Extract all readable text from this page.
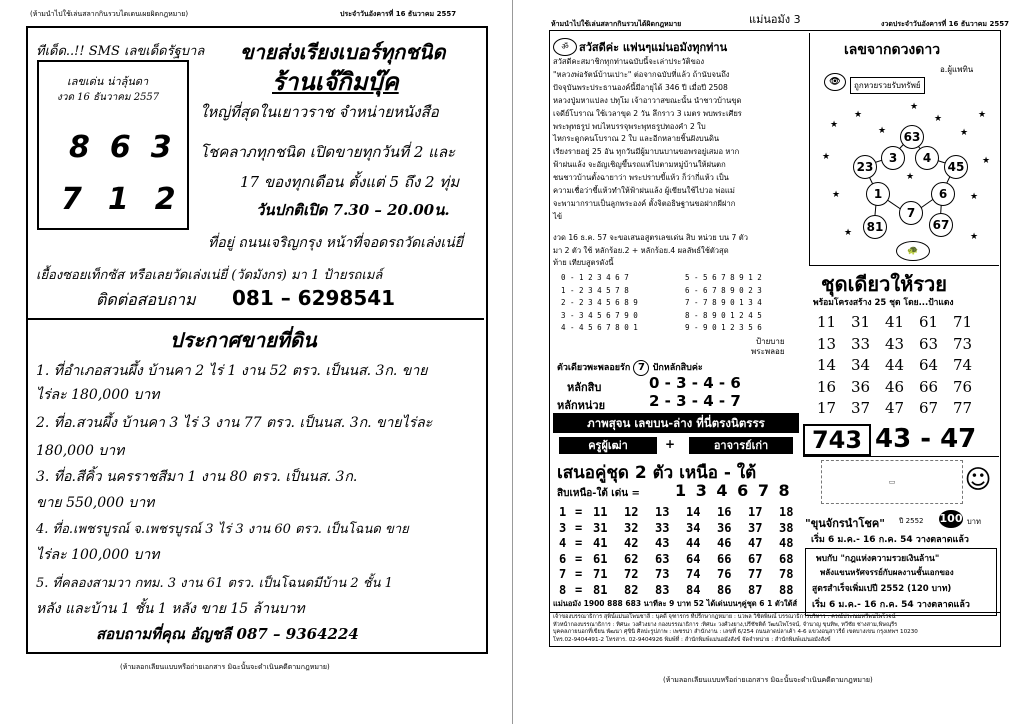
(ห้ามนำไปใช้เล่นสลากกินรวบไดเดนเผยผิดกฎหมาย)	ประจำวันอังคารที่ 16 ธันวาคม 2557
ทีเด็ด..!! SMS เลขเด็ดรัฐบาล
เลขเด่น น่าลุ้นดา
งวด 16 ธันวาคม 2557
863
712
ขายส่งเรียงเบอร์ทุกชนิด
ร้านเจ๊กิมบุ๊ค
ใหญ่ที่สุดในเยาวราช จำหน่ายหนังสือ
โชคลาภทุกชนิด เปิดขายทุกวันที่ 2 และ
17 ของทุกเดือน ตั้งแต่ 5 ถึง 2 ทุ่ม
วันปกติเปิด 7.30 – 20.00น.
ที่อยู่ ถนนเจริญกรุง หน้าที่จอดรถวัดเล่งเน่ยี่
เยื้องซอยเท็กซัส หรือเลยวัดเล่งเน่ยี่ (วัดมังกร) มา 1 ป้ายรถเมล์
ติดต่อสอบถาม 081 – 6298541
ประกาศขายที่ดิน
1. ที่อำเภอสวนผึ้ง บ้านคา 2 ไร่ 1 งาน 52 ตรว. เป็นนส. 3ก. ขาย
ไร่ละ 180,000 บาท
2. ที่อ.สวนผึ้ง บ้านคา 3 ไร่ 3 งาน 77 ตรว. เป็นนส. 3ก. ขายไร่ละ
180,000 บาท
3. ที่อ.สีคิ้ว นครราชสีมา 1 งาน 80 ตรว. เป็นนส. 3ก.
ขาย 550,000 บาท
4. ที่อ.เพชรบูรณ์ จ.เพชรบูรณ์ 3 ไร่ 3 งาน 60 ตรว. เป็นโฉนด ขาย
ไร่ละ 100,000 บาท
5. ที่คลองสามวา กทม. 3 งาน 61 ตรว. เป็นโฉนดมีบ้าน 2 ชั้น 1
หลัง และบ้าน 1 ชั้น 1 หลัง ขาย 15 ล้านบาท
สอบถามที่คุณ อัญชลี 087 – 9364224
(ห้ามลอกเลียนแบบหรือถ่ายเอกสาร มิฉะนั้นจะดำเนินคดีตามกฎหมาย)
ห้ามนำไปใช้เล่นสลากกินรวบได้ผิดกฎหมาย	แม่นอมัง 3	งวดประจำวันอังคารที่ 16 ธันวาคม 2557
ॐ สวัสดีค่ะ แฟนๆแม่นอมังทุกท่าน
สวัสดีคะสมาชิกทุกท่านฉบับนี้จะเล่าประวัติของ
"หลวงพ่อรัตน์บ้านเปาะ" ต่อจากฉบับที่แล้ว ถ้านับจนถึง
ปัจจุบันพระประธานองค์นี้มีอายุได้ 346 ปี เมื่อปี 2508
หลวงปู่มหาแปลง ปทุโม เจ้าอาวาสขณะนั้น นำชาวบ้านขุด
เจดีย์โบราณ ใช้เวลาขุด 2 วัน ลึกราว 3 เมตร พบพระเศียร
พระพุทธรูป พบไหบรรจุพระพุทธรูปทองคำ 2 ใบ
ไหกระดูกคนโบราณ 2 ใบ และอีกหลายชิ้นฝังบนดิน
เรียงรายอยู่ 25 อัน ทุกวันมีผู้มาบนบานขอพรอยู่เสมอ หาก
ฟ้าฝนแล้ง จะอัญเชิญขึ้นรถแห่ไปตามหมู่บ้านให้ฝนตก
ชนชาวบ้านตั้งฉายาว่า พระปราบขี้แห้ว ก็ว่ากี่แห้ว เป็น
ความเชื่อว่าขี้แห้วทำให้ฟ้าฝนแล้ง ผู้เขียนใช้ไปวอ พ่อแม่
จะพามากราบเป็นลูกพระองค์ ตั้งจิตอธิษฐานขอฝากผีฝาก
ไข้
งวด 16 ธ.ค. 57 จะขอเสนอสูตรเลขเด่น สิบ หน่วย บน 7 ตัว
มา 2 ตัว ใช้ หลักร้อย.2 + หลักร้อย.4 ผลลัพธ์ใช้ตัวสุด
ท้าย เทียบสูตรดังนี้
0 - 1 2 3 4 6 7
1 - 2 3 4 5 7 8
2 - 2 3 4 5 6 8 9
3 - 3 4 5 6 7 9 0
4 - 4 5 6 7 8 0 1
5 - 5 6 7 8 9 1 2
6 - 6 7 8 9 0 2 3
7 - 7 8 9 0 1 3 4
8 - 8 9 0 1 2 4 5
9 - 9 0 1 2 3 5 6
ป้ายบาย
พระพลอย
ตัวเดียวพะพลอยรัก 7 ปักหลักสิบค่ะ
หลักสิบ	0 - 3 - 4 - 6
หลักหน่วย	2 - 3 - 4 - 7
ภาพสุจน เลขบน-ล่าง ที่นี่ตรงนิตรรร
ครูผู้เฒ่า	+	อาจารย์เก่า
เสนอคู่ชุด 2 ตัว เหนือ - ใต้
สิบเหนือ-ใต้ เด่น = 1 3 4 6 7 8
1 = 11 12 13 14 16 17 18
3 = 31 32 33 34 36 37 38
4 = 41 42 43 44 46 47 48
6 = 61 62 63 64 66 67 68
7 = 71 72 73 74 76 77 78
8 = 81 82 83 84 86 87 88
แม่นอมัง 1900 888 683 นาทีละ 9 บาท 52 ได้เด่นบนๆคู่ชุด 6 1 ตัวใต้ส์
เลขจากดวงดาว
อ.ผู้แพทิน
👁	ถูกหวยรวยรับทรัพย์
63
3	4
23	45
1	6
7
81	67
★
★
★
★
★
★
★	★
★	★
★	★
★
★
🐢
ชุดเดียวให้รวย
พร้อมโครงสร้าง 25 ชุด โดย...ป้าแดง
11 31 41 61 71
13 33 43 63 73
14 34 44 64 74
16 36 46 66 76
17 37 47 67 77
743 43 - 47
▭	☺
"ขุนจักรนำโชค" ปี 2552 100 บาท
เริ่ม 6 ม.ค.- 16 ก.ค. 54 วางตลาดแล้ว
พบกับ "กฎแห่งความรวยเงินล้าน"
พลังแขนหรัศจรรย์กับผลงานชั้นเอกของ
สูตรสำเร็จเพิ่มเปปี 2552 (120 บาท)
เริ่ม 6 ม.ค.- 16 ก.ค. 54 วางตลาดแล้ว
เจ้าของบรรณาธิการ สุพิน์แม่นอโพนชาลี : นุคดี จุฑารกร ที่ปรึกษากฎหมาย : นวพล วิชิตพิษณ์ บรรณาธิการบริหาร : ครณ์ประณมทวีพนไพโรจน์
หัวหน้ากองบรรณาธิการ : ทิศนะ วงศ์วงยาง กองบรรณาธิการ :ทิศนะ วงศ์วงยาง,ปรีชัชติต์ วัฒนไพโรจน์, จำนาญ ขุนทิพ, ทวีชัย ช่างสาม,พิษณุรีร
บุคคลภายนอกที่เขียน พัฒนา ศุขินิ ศิลปะรูปภาพ : เพชรน่า สำนักงาน : เลขที่ 6/254 ถนนลาดปลาเค้า 4-6 แขวงอนุสาวรีย์ เขตบางเขน กรุงเทพฯ 10230
โทร.02-9404491-2 โทรสาร. 02-9404926 พิมพ์ที่ : สำนักพิมพ์แม่นอมังสังข์ จัดจำหน่าย : สำนักพิมพ์แม่นอมังสังข์
(ห้ามลอกเลียนแบบหรือถ่ายเอกสาร มิฉะนั้นจะดำเนินคดีตามกฎหมาย)
